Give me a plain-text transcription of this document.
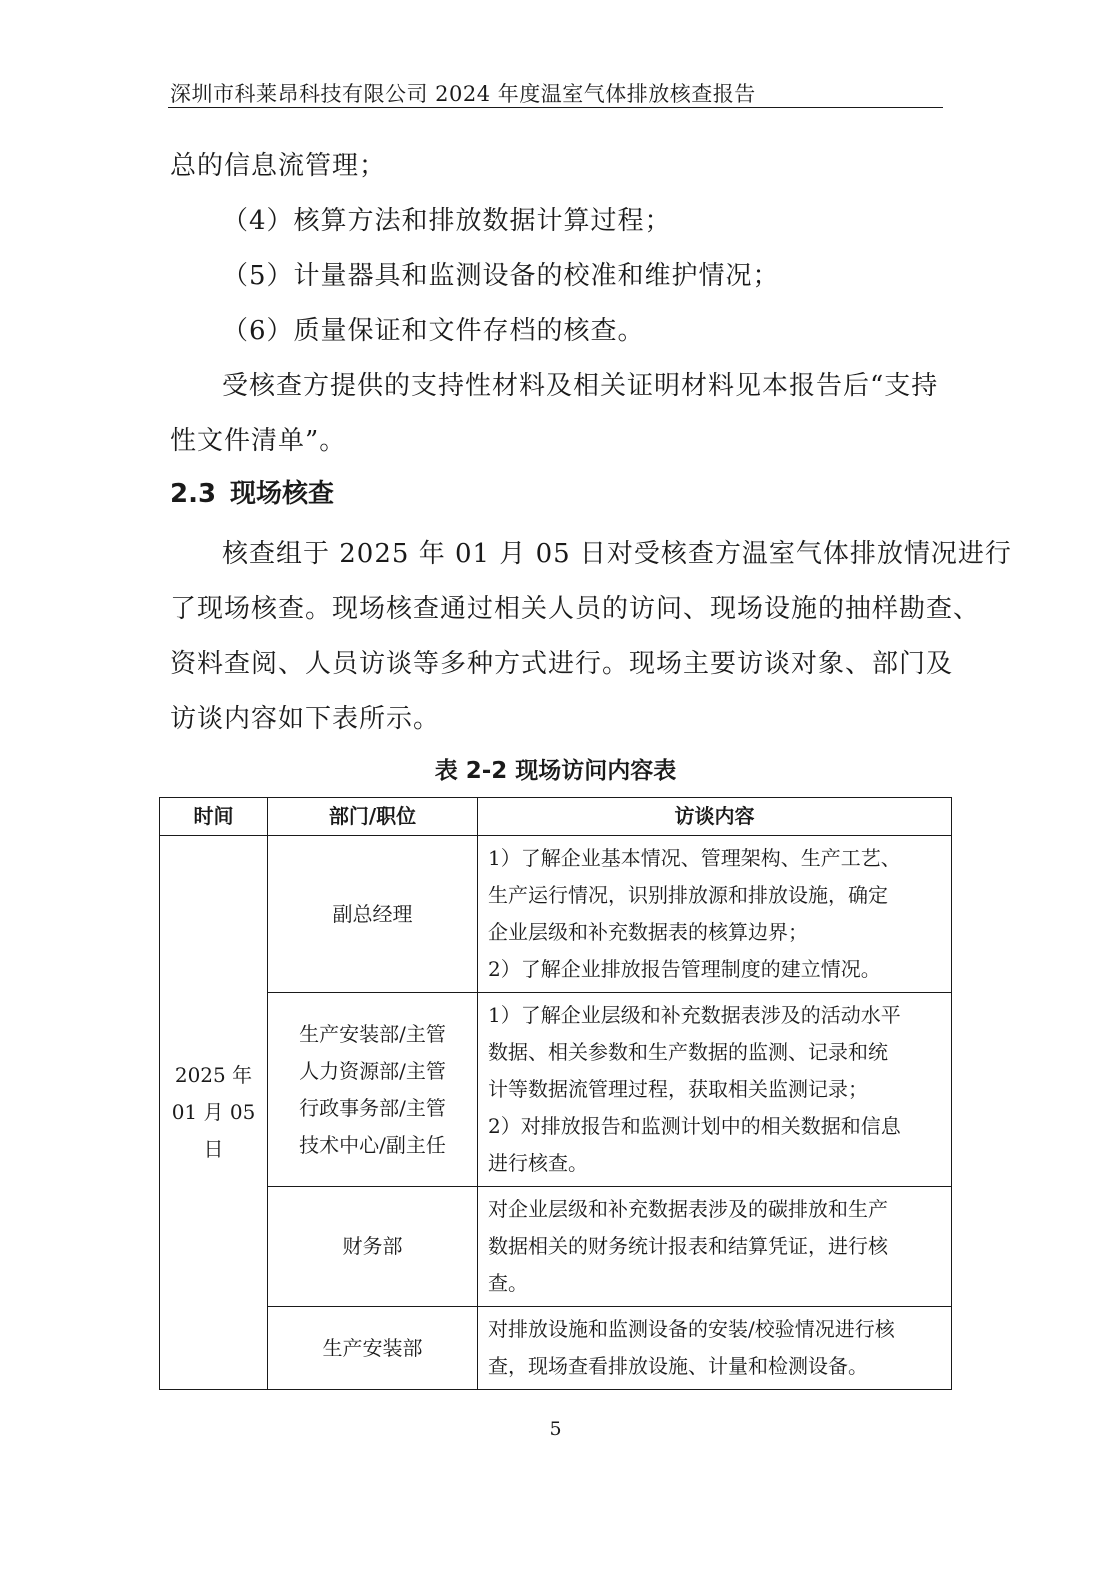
深圳市科莱昂科技有限公司 2024 年度温室气体排放核查报告
总的信息流管理；
（4）核算方法和排放数据计算过程；
（5）计量器具和监测设备的校准和维护情况；
（6）质量保证和文件存档的核查。
受核查方提供的支持性材料及相关证明材料见本报告后“支持
性文件清单”。
2.3 现场核查
核查组于 2025 年 01 月 05 日对受核查方温室气体排放情况进行
了现场核查。现场核查通过相关人员的访问、现场设施的抽样勘查、
资料查阅、人员访谈等多种方式进行。现场主要访谈对象、部门及
访谈内容如下表所示。
表 2-2 现场访问内容表
时间	部门/职位	访谈内容

2025 年
01 月 05
日	副总经理	1）了解企业基本情况、管理架构、生产工艺、
生产运行情况，识别排放源和排放设施，确定
企业层级和补充数据表的核算边界；
2）了解企业排放报告管理制度的建立情况。

	生产安装部/主管
人力资源部/主管
行政事务部/主管
技术中心/副主任	1）了解企业层级和补充数据表涉及的活动水平
数据、相关参数和生产数据的监测、记录和统
计等数据流管理过程，获取相关监测记录；
2）对排放报告和监测计划中的相关数据和信息
进行核查。

	财务部	对企业层级和补充数据表涉及的碳排放和生产
数据相关的财务统计报表和结算凭证，进行核
查。

	生产安装部	对排放设施和监测设备的安装/校验情况进行核
查，现场查看排放设施、计量和检测设备。
5
